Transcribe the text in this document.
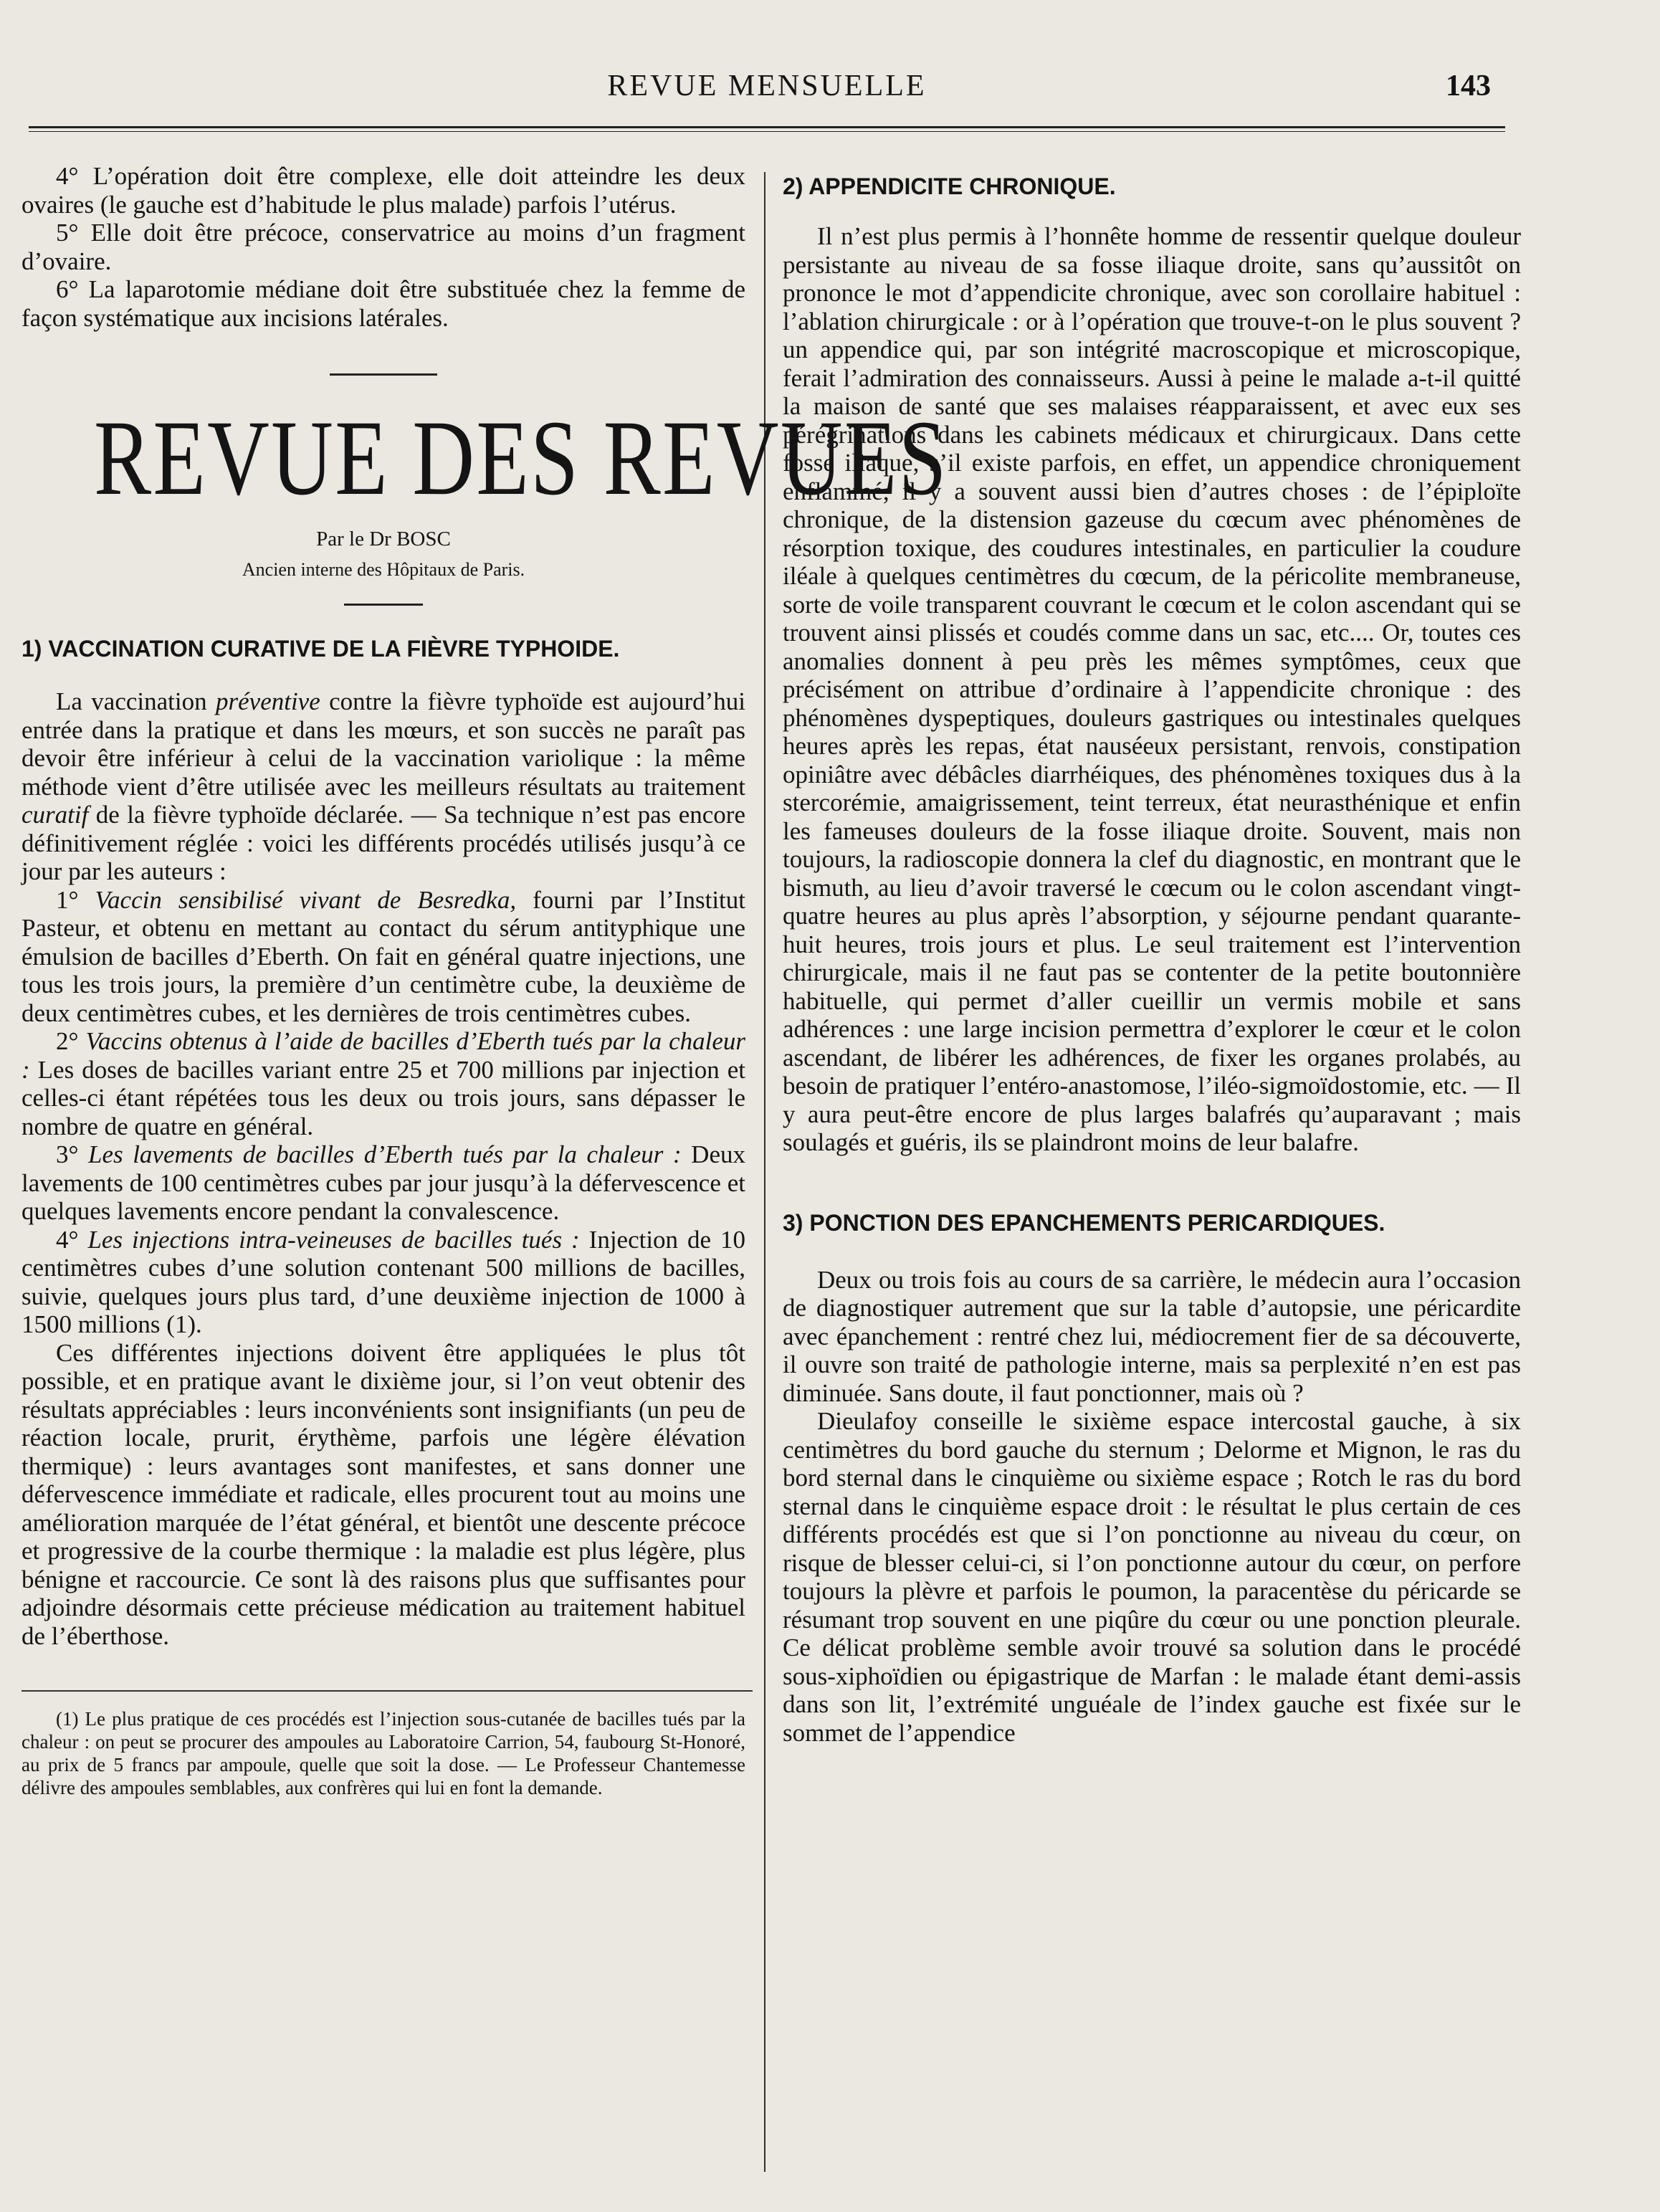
REVUE MENSUELLE	143

4° L’opération doit être complexe, elle doit atteindre les deux ovaires (le gauche est d’habitude le plus malade) parfois l’utérus.

5° Elle doit être précoce, conservatrice au moins d’un fragment d’ovaire.

6° La laparotomie médiane doit être substituée chez la femme de façon systématique aux incisions latérales.

REVUE DES REVUES
Par le Dr BOSC
Ancien interne des Hôpitaux de Paris.
1) VACCINATION CURATIVE DE LA FIÈVRE TYPHOIDE.

La vaccination préventive contre la fièvre typhoïde est aujourd’hui entrée dans la pratique et dans les mœurs, et son succès ne paraît pas devoir être inférieur à celui de la vaccination variolique : la même méthode vient d’être utilisée avec les meilleurs résultats au traitement curatif de la fièvre typhoïde déclarée. — Sa technique n’est pas encore définitivement réglée : voici les différents procédés utilisés jusqu’à ce jour par les auteurs :

1° Vaccin sensibilisé vivant de Besredka, fourni par l’Institut Pasteur, et obtenu en mettant au contact du sérum antityphique une émulsion de bacilles d’Eberth. On fait en général quatre injections, une tous les trois jours, la première d’un centimètre cube, la deuxième de deux centimètres cubes, et les dernières de trois centimètres cubes.

2° Vaccins obtenus à l’aide de bacilles d’Eberth tués par la chaleur : Les doses de bacilles variant entre 25 et 700 millions par injection et celles-ci étant répétées tous les deux ou trois jours, sans dépasser le nombre de quatre en général.

3° Les lavements de bacilles d’Eberth tués par la chaleur : Deux lavements de 100 centimètres cubes par jour jusqu’à la défervescence et quelques lavements encore pendant la convalescence.

4° Les injections intra-veineuses de bacilles tués : Injection de 10 centimètres cubes d’une solution contenant 500 millions de bacilles, suivie, quelques jours plus tard, d’une deuxième injection de 1000 à 1500 millions (1).

Ces différentes injections doivent être appliquées le plus tôt possible, et en pratique avant le dixième jour, si l’on veut obtenir des résultats appréciables : leurs inconvénients sont insignifiants (un peu de réaction locale, prurit, érythème, parfois une légère élévation thermique) : leurs avantages sont manifestes, et sans donner une défervescence immédiate et radicale, elles procurent tout au moins une amélioration marquée de l’état général, et bientôt une descente précoce et progressive de la courbe thermique : la maladie est plus légère, plus bénigne et raccourcie. Ce sont là des raisons plus que suffisantes pour adjoindre désormais cette précieuse médication au traitement habituel de l’éberthose.

(1) Le plus pratique de ces procédés est l’injection sous-cutanée de bacilles tués par la chaleur : on peut se procurer des ampoules au Laboratoire Carrion, 54, faubourg St-Honoré, au prix de 5 francs par ampoule, quelle que soit la dose. — Le Professeur Chantemesse délivre des ampoules semblables, aux confrères qui lui en font la demande.

2) APPENDICITE CHRONIQUE.

Il n’est plus permis à l’honnête homme de ressentir quelque douleur persistante au niveau de sa fosse iliaque droite, sans qu’aussitôt on prononce le mot d’appendicite chronique, avec son corollaire habituel : l’ablation chirurgicale : or à l’opération que trouve-t-on le plus souvent ? un appendice qui, par son intégrité macroscopique et microscopique, ferait l’admiration des connaisseurs. Aussi à peine le malade a-t-il quitté la maison de santé que ses malaises réapparaissent, et avec eux ses pérégrinations dans les cabinets médicaux et chirurgicaux. Dans cette fosse iliaque, s’il existe parfois, en effet, un appendice chroniquement enflammé, il y a souvent aussi bien d’autres choses : de l’épiploïte chronique, de la distension gazeuse du cœcum avec phénomènes de résorption toxique, des coudures intestinales, en particulier la coudure iléale à quelques centimètres du cœcum, de la péricolite membraneuse, sorte de voile transparent couvrant le cœcum et le colon ascendant qui se trouvent ainsi plissés et coudés comme dans un sac, etc.... Or, toutes ces anomalies donnent à peu près les mêmes symptômes, ceux que précisément on attribue d’ordinaire à l’appendicite chronique : des phénomènes dyspeptiques, douleurs gastriques ou intestinales quelques heures après les repas, état nauséeux persistant, renvois, constipation opiniâtre avec débâcles diarrhéiques, des phénomènes toxiques dus à la stercorémie, amaigrissement, teint terreux, état neurasthénique et enfin les fameuses douleurs de la fosse iliaque droite. Souvent, mais non toujours, la radioscopie donnera la clef du diagnostic, en montrant que le bismuth, au lieu d’avoir traversé le cœcum ou le colon ascendant vingt-quatre heures au plus après l’absorption, y séjourne pendant quarante-huit heures, trois jours et plus. Le seul traitement est l’intervention chirurgicale, mais il ne faut pas se contenter de la petite boutonnière habituelle, qui permet d’aller cueillir un vermis mobile et sans adhérences : une large incision permettra d’explorer le cœur et le colon ascendant, de libérer les adhérences, de fixer les organes prolabés, au besoin de pratiquer l’entéro-anastomose, l’iléo-sigmoïdostomie, etc. — Il y aura peut-être encore de plus larges balafrés qu’auparavant ; mais soulagés et guéris, ils se plaindront moins de leur balafre.

3) PONCTION DES EPANCHEMENTS PERICARDIQUES.

Deux ou trois fois au cours de sa carrière, le médecin aura l’occasion de diagnostiquer autrement que sur la table d’autopsie, une péricardite avec épanchement : rentré chez lui, médiocrement fier de sa découverte, il ouvre son traité de pathologie interne, mais sa perplexité n’en est pas diminuée. Sans doute, il faut ponctionner, mais où ?

Dieulafoy conseille le sixième espace intercostal gauche, à six centimètres du bord gauche du sternum ; Delorme et Mignon, le ras du bord sternal dans le cinquième ou sixième espace ; Rotch le ras du bord sternal dans le cinquième espace droit : le résultat le plus certain de ces différents procédés est que si l’on ponctionne au niveau du cœur, on risque de blesser celui-ci, si l’on ponctionne autour du cœur, on perfore toujours la plèvre et parfois le poumon, la paracentèse du péricarde se résumant trop souvent en une piqûre du cœur ou une ponction pleurale. Ce délicat problème semble avoir trouvé sa solution dans le procédé sous-xiphoïdien ou épigastrique de Marfan : le malade étant demi-assis dans son lit, l’extrémité unguéale de l’index gauche est fixée sur le sommet de l’appendice
